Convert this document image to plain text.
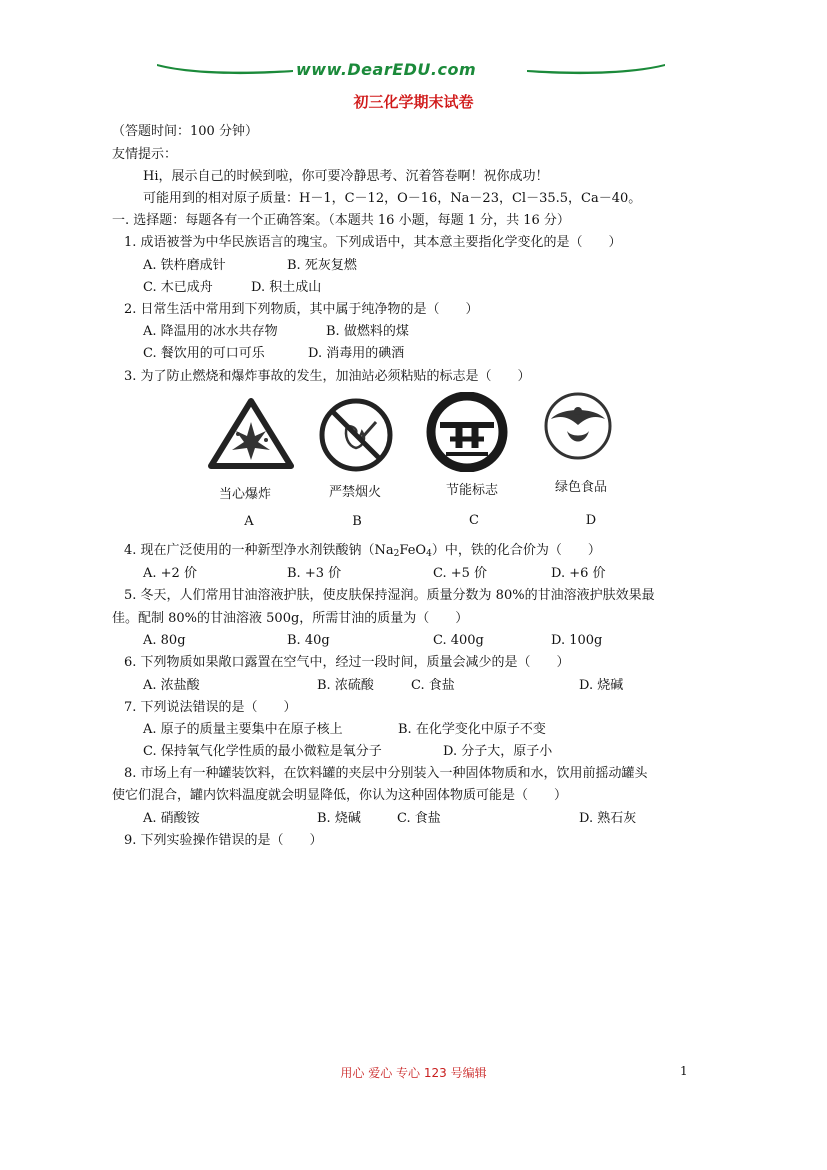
www.DearEDU.com
初三化学期末试卷
（答题时间：100 分钟）
友情提示：
Hi，展示自己的时候到啦，你可要冷静思考、沉着答卷啊！祝你成功！
可能用到的相对原子质量：H－1，C－12，O－16，Na－23，Cl－35.5，Ca－40。
一. 选择题：每题各有一个正确答案。（本题共 16 小题，每题 1 分，共 16 分）
1. 成语被誉为中华民族语言的瑰宝。下列成语中，其本意主要指化学变化的是（　　）
A. 铁杵磨成针	B. 死灰复燃
C. 木已成舟	D. 积土成山
2. 日常生活中常用到下列物质，其中属于纯净物的是（　　）
A. 降温用的冰水共存物	B. 做燃料的煤
C. 餐饮用的可口可乐	D. 消毒用的碘酒
3. 为了防止燃烧和爆炸事故的发生，加油站必须粘贴的标志是（　　）
当心爆炸	严禁烟火	节能标志	绿色食品
A	B	C	D
4. 现在广泛使用的一种新型净水剂铁酸钠$(Na_2FeO_4)$中，铁的化合价为（　　）
A. +2 价	B. +3 价	C. +5 价	D. +6 价
5. 冬天，人们常用甘油溶液护肤，使皮肤保持湿润。质量分数为 80%的甘油溶液护肤效果最
佳。配制 80%的甘油溶液 500g，所需甘油的质量为（　　）
A. 80g	B. 40g	C. 400g	D. 100g
6. 下列物质如果敞口露置在空气中，经过一段时间，质量会减少的是（　　）
A. 浓盐酸	B. 浓硫酸	C. 食盐	D. 烧碱
7. 下列说法错误的是（　　）
A. 原子的质量主要集中在原子核上	B. 在化学变化中原子不变
C. 保持氧气化学性质的最小微粒是氧分子	D. 分子大，原子小
8. 市场上有一种罐装饮料，在饮料罐的夹层中分别装入一种固体物质和水，饮用前摇动罐头
使它们混合，罐内饮料温度就会明显降低，你认为这种固体物质可能是（　　）
A. 硝酸铵	B. 烧碱	C. 食盐	D. 熟石灰
9. 下列实验操作错误的是（　　）
用心 爱心 专心 123 号编辑	1
